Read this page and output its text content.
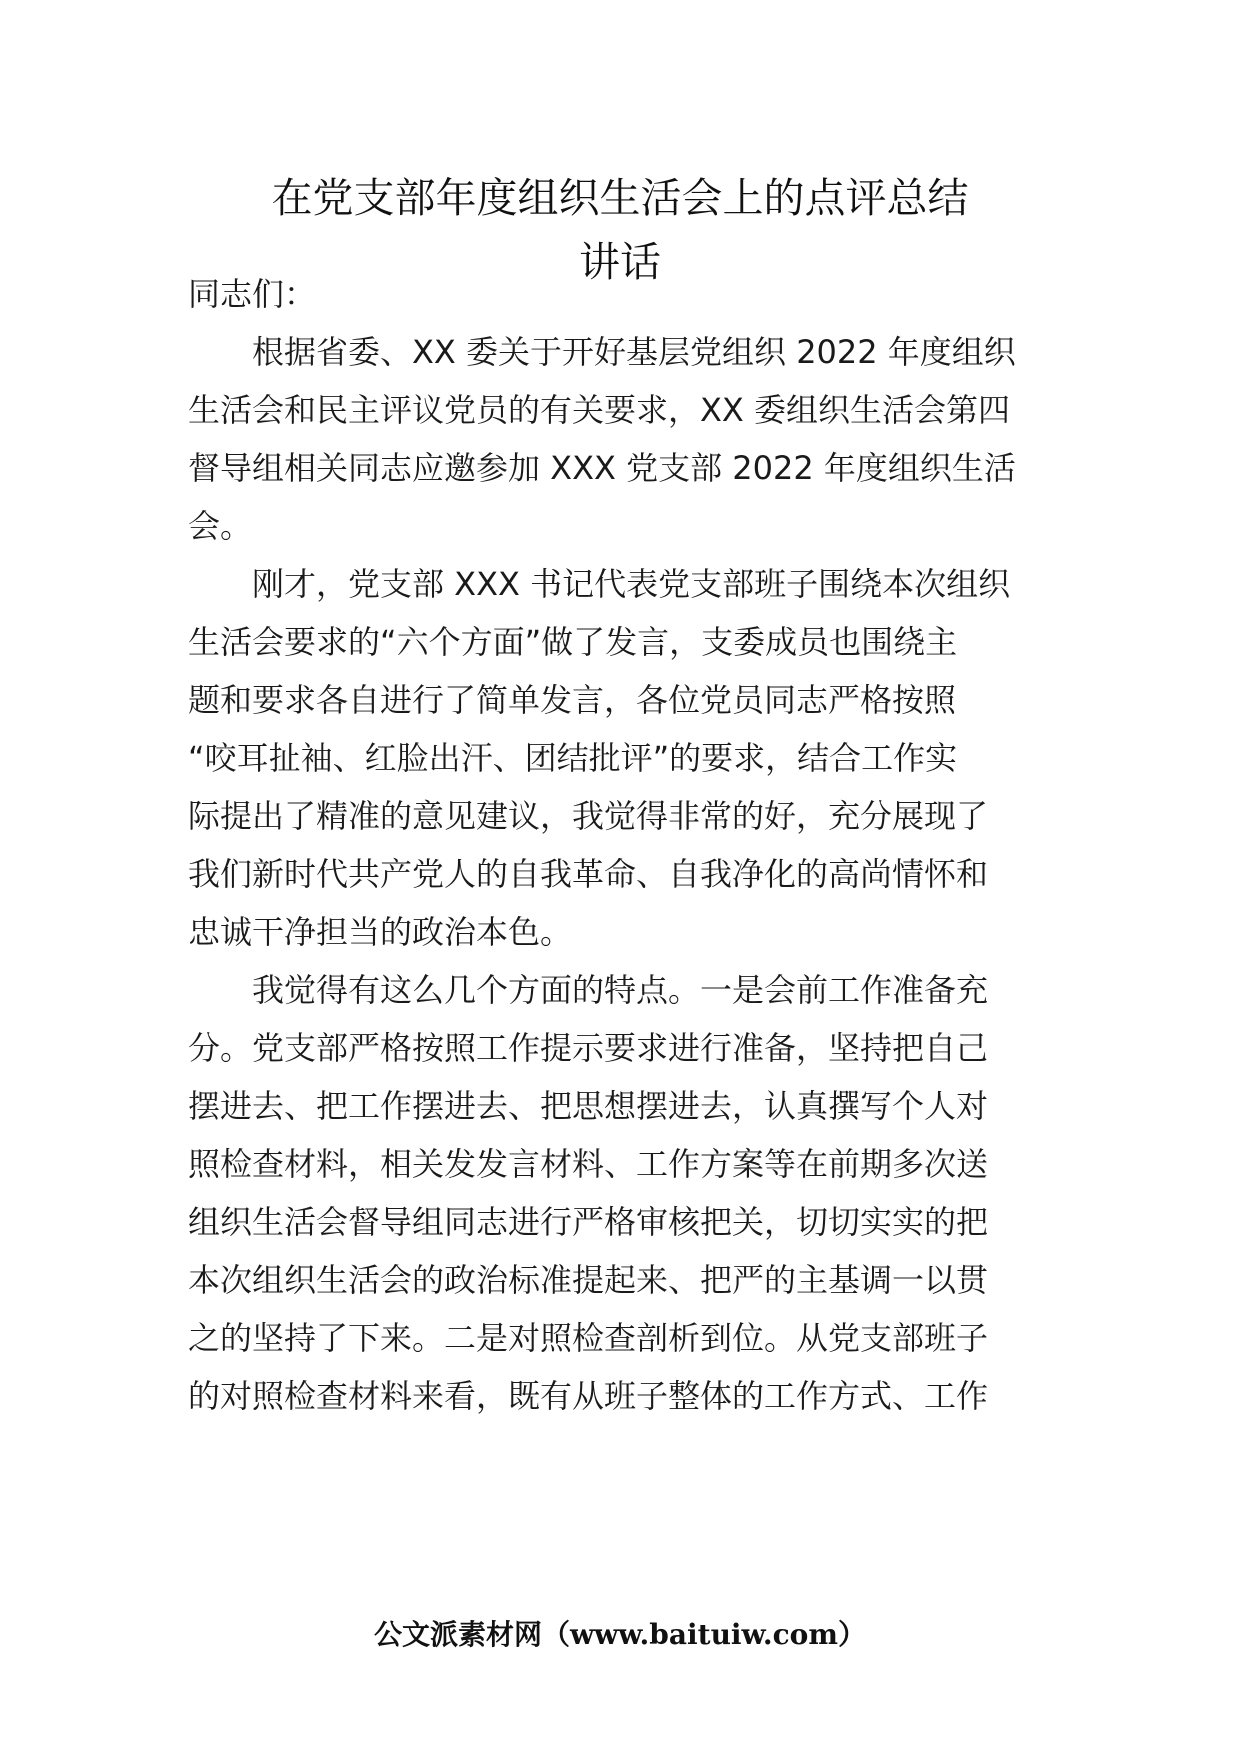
在党支部年度组织生活会上的点评总结
讲话
同志们：
根据省委、XX 委关于开好基层党组织 2022 年度组织
生活会和民主评议党员的有关要求，XX 委组织生活会第四
督导组相关同志应邀参加 XXX 党支部 2022 年度组织生活
会。
刚才，党支部 XXX 书记代表党支部班子围绕本次组织
生活会要求的“六个方面”做了发言，支委成员也围绕主
题和要求各自进行了简单发言，各位党员同志严格按照
“咬耳扯袖、红脸出汗、团结批评”的要求，结合工作实
际提出了精准的意见建议，我觉得非常的好，充分展现了
我们新时代共产党人的自我革命、自我净化的高尚情怀和
忠诚干净担当的政治本色。
我觉得有这么几个方面的特点。一是会前工作准备充
分。党支部严格按照工作提示要求进行准备，坚持把自己
摆进去、把工作摆进去、把思想摆进去，认真撰写个人对
照检查材料，相关发发言材料、工作方案等在前期多次送
组织生活会督导组同志进行严格审核把关，切切实实的把
本次组织生活会的政治标准提起来、把严的主基调一以贯
之的坚持了下来。二是对照检查剖析到位。从党支部班子
的对照检查材料来看，既有从班子整体的工作方式、工作
公文派素材网（www.baituiw.com）
